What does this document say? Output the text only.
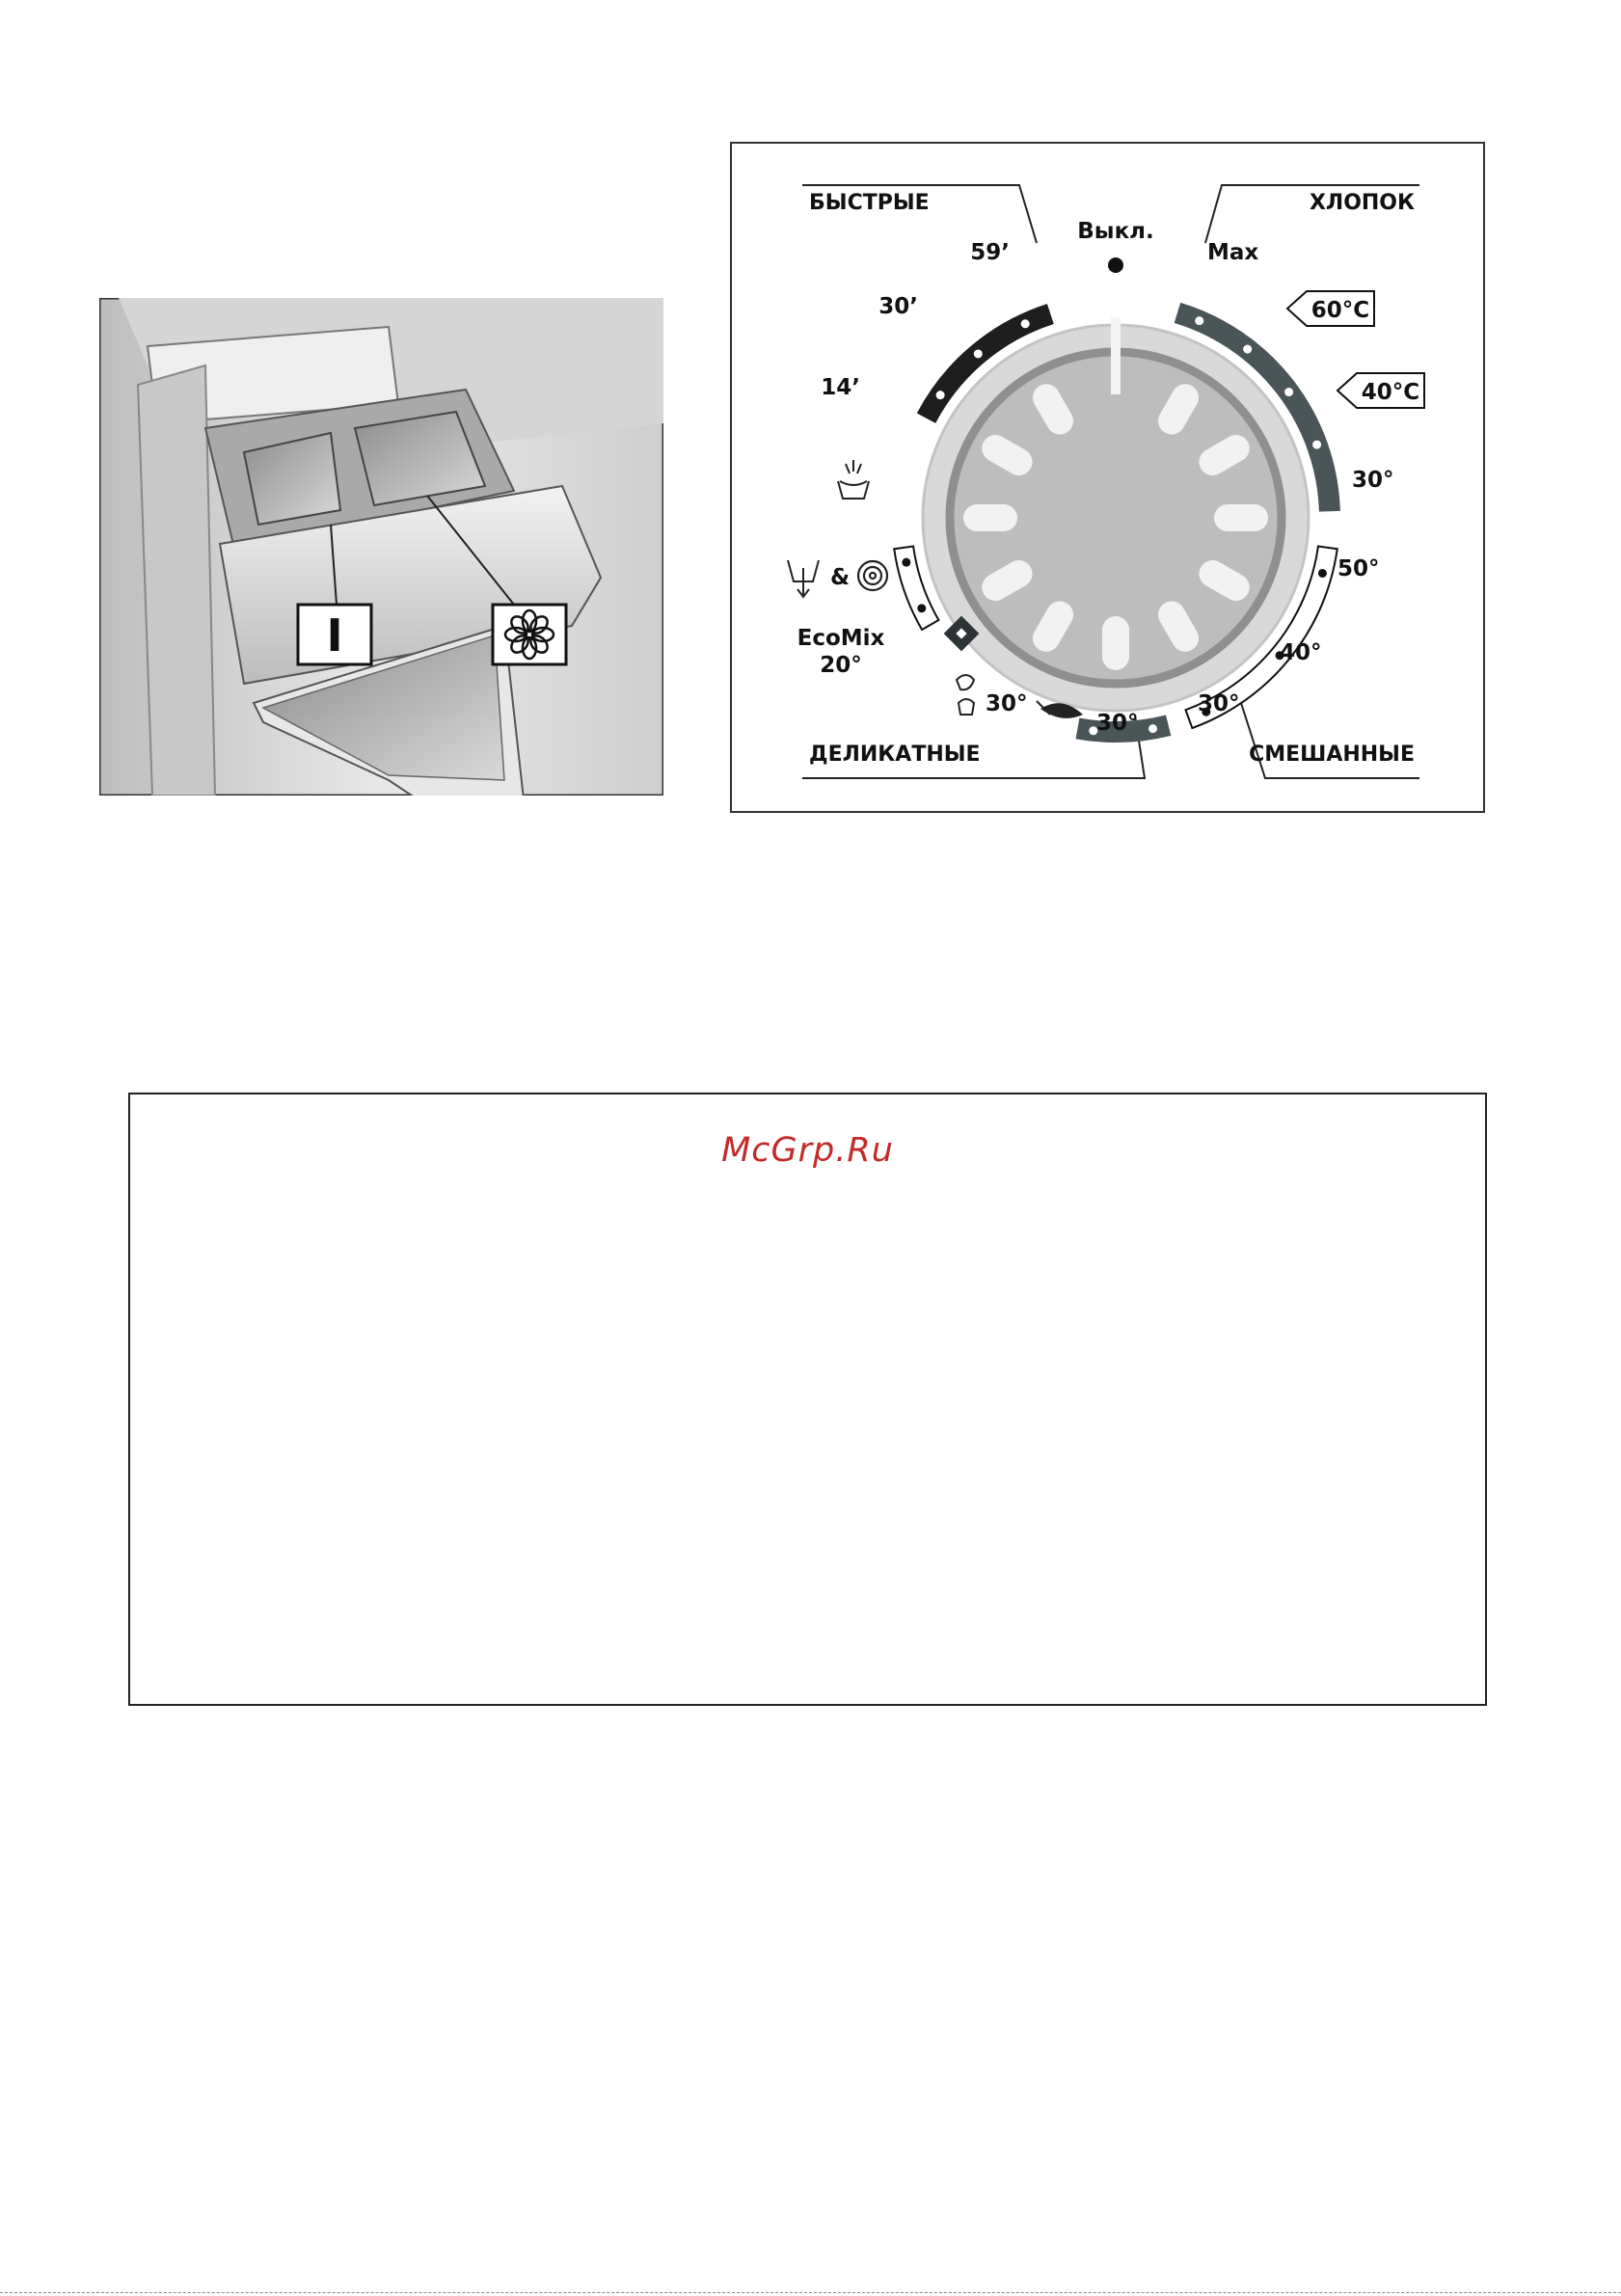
I
БЫСТРЫЕ	ХЛОПОК
ДЕЛИКАТНЫЕ	СМЕШАННЫЕ
Выкл.
59’
30’
14’
Max
60°C
40°C
30°
50°
40°
30°
30°
30°
EcoMix
20°
&
McGrp.Ru
